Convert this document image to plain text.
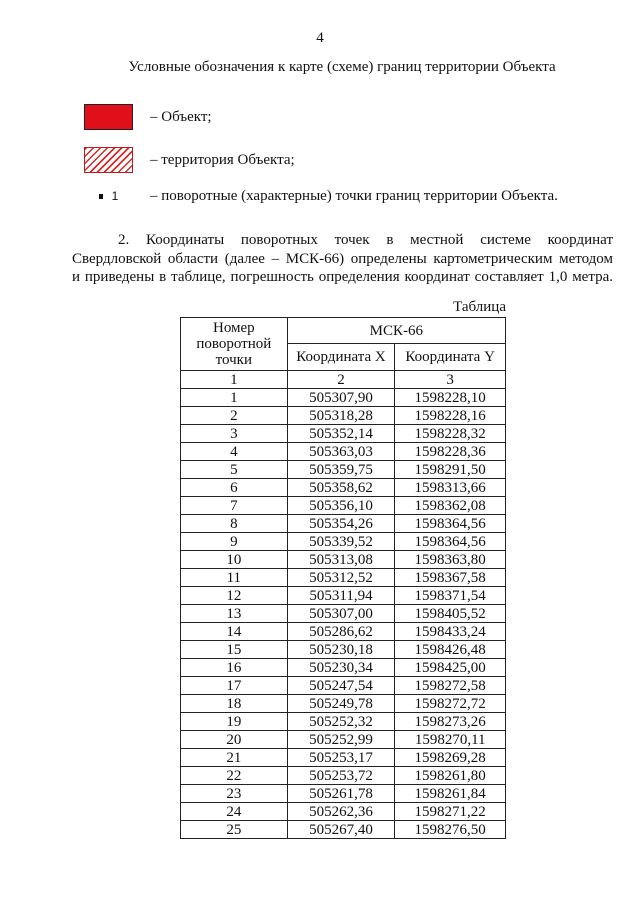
4
Условные обозначения к карте (схеме) границ территории Объекта
– Объект;
– территория Объекта;
1 – поворотные (характерные) точки границ территории Объекта.
2. Координаты поворотных точек в местной системе координат
Свердловской области (далее – МСК-66) определены картометрическим методом
и приведены в таблице, погрешность определения координат составляет 1,0 метра.
Таблица
Номер поворотной точки	МСК-66	
	Координата X	Координата Y
1	2	3
1	505307,90	1598228,10
2	505318,28	1598228,16
3	505352,14	1598228,32
4	505363,03	1598228,36
5	505359,75	1598291,50
6	505358,62	1598313,66
7	505356,10	1598362,08
8	505354,26	1598364,56
9	505339,52	1598364,56
10	505313,08	1598363,80
11	505312,52	1598367,58
12	505311,94	1598371,54
13	505307,00	1598405,52
14	505286,62	1598433,24
15	505230,18	1598426,48
16	505230,34	1598425,00
17	505247,54	1598272,58
18	505249,78	1598272,72
19	505252,32	1598273,26
20	505252,99	1598270,11
21	505253,17	1598269,28
22	505253,72	1598261,80
23	505261,78	1598261,84
24	505262,36	1598271,22
25	505267,40	1598276,50
